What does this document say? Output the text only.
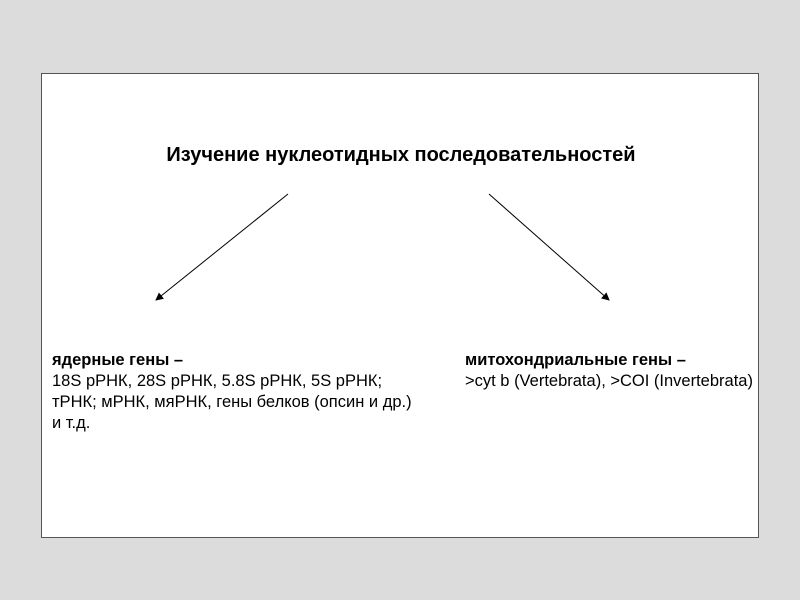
Изучение нуклеотидных последовательностей
ядерные гены –
18S рРНК, 28S рРНК, 5.8S рРНК, 5S рРНК; тРНК; мРНК, мяРНК, гены белков (опсин и др.) и т.д.
митохондриальные гены –
>cyt b (Vertebrata), >COI (Invertebrata)
